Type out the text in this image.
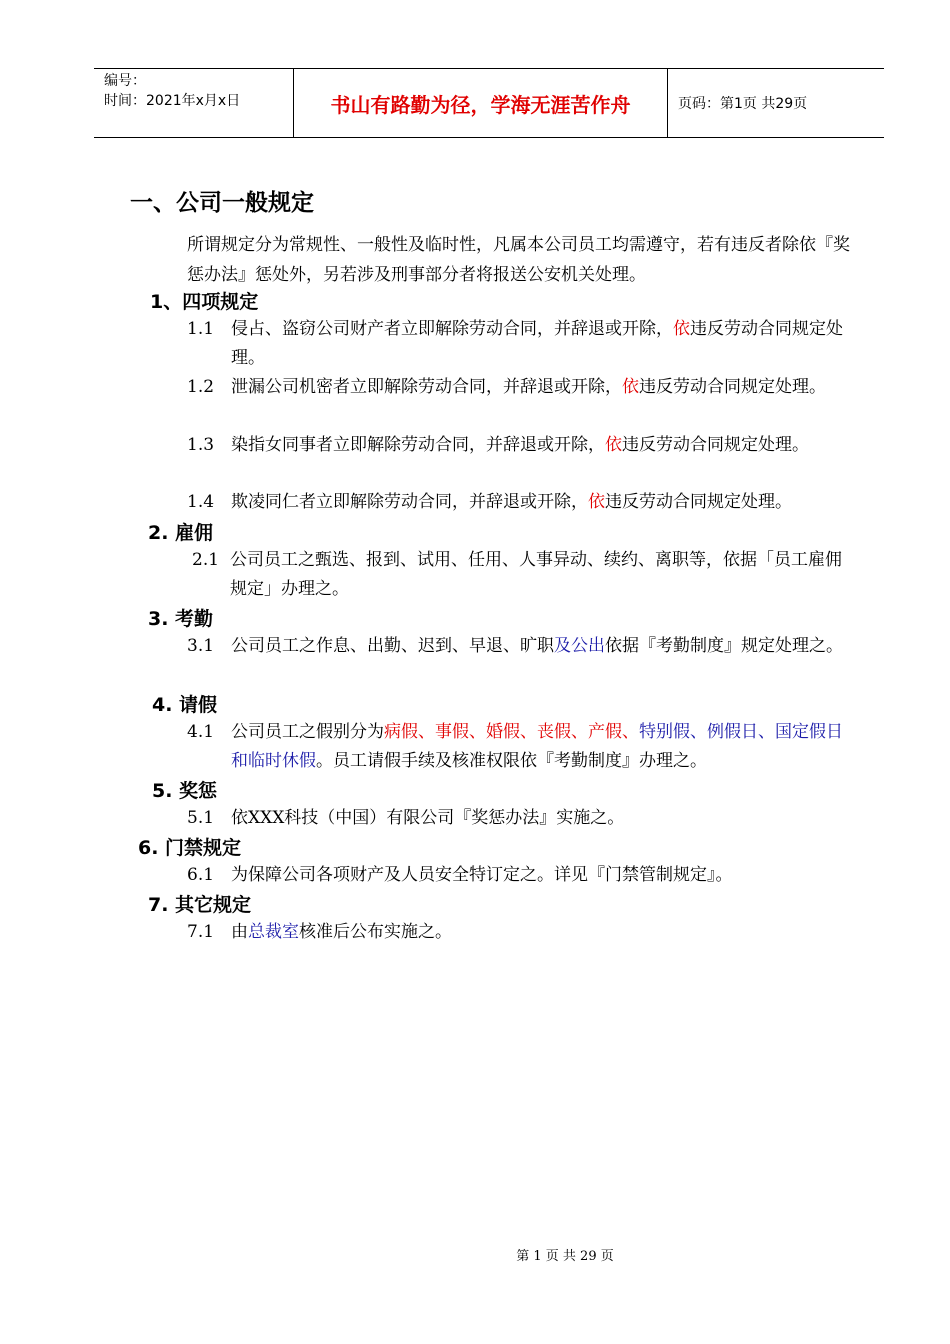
编号：
时间：2021年x月x日	书山有路勤为径，学海无涯苦作舟	页码：第1页 共29页
一、公司一般规定

所谓规定分为常规性、一般性及临时性，凡属本公司员工均需遵守，若有违反者除依『奖惩办法』惩处外，另若涉及刑事部分者将报送公安机关处理。

1、四项规定
1.1 侵占、盗窃公司财产者立即解除劳动合同，并辞退或开除，依违反劳动合同规定处理。
1.2 泄漏公司机密者立即解除劳动合同，并辞退或开除，依违反劳动合同规定处理。
1.3 染指女同事者立即解除劳动合同，并辞退或开除，依违反劳动合同规定处理。
1.4 欺凌同仁者立即解除劳动合同，并辞退或开除，依违反劳动合同规定处理。
2. 雇佣
2.1 公司员工之甄选、报到、试用、任用、人事异动、续约、离职等，依据「员工雇佣规定」办理之。
3. 考勤
3.1 公司员工之作息、出勤、迟到、早退、旷职及公出依据『考勤制度』规定处理之。
4. 请假
4.1 公司员工之假别分为病假、事假、婚假、丧假、产假、特别假、例假日、国定假日和临时休假。员工请假手续及核准权限依『考勤制度』办理之。
5. 奖惩
5.1 依XXX科技（中国）有限公司『奖惩办法』实施之。
6. 门禁规定
6.1 为保障公司各项财产及人员安全特订定之。详见『门禁管制规定』。
7. 其它规定
7.1 由总裁室核准后公布实施之。
第 1 页 共 29 页
